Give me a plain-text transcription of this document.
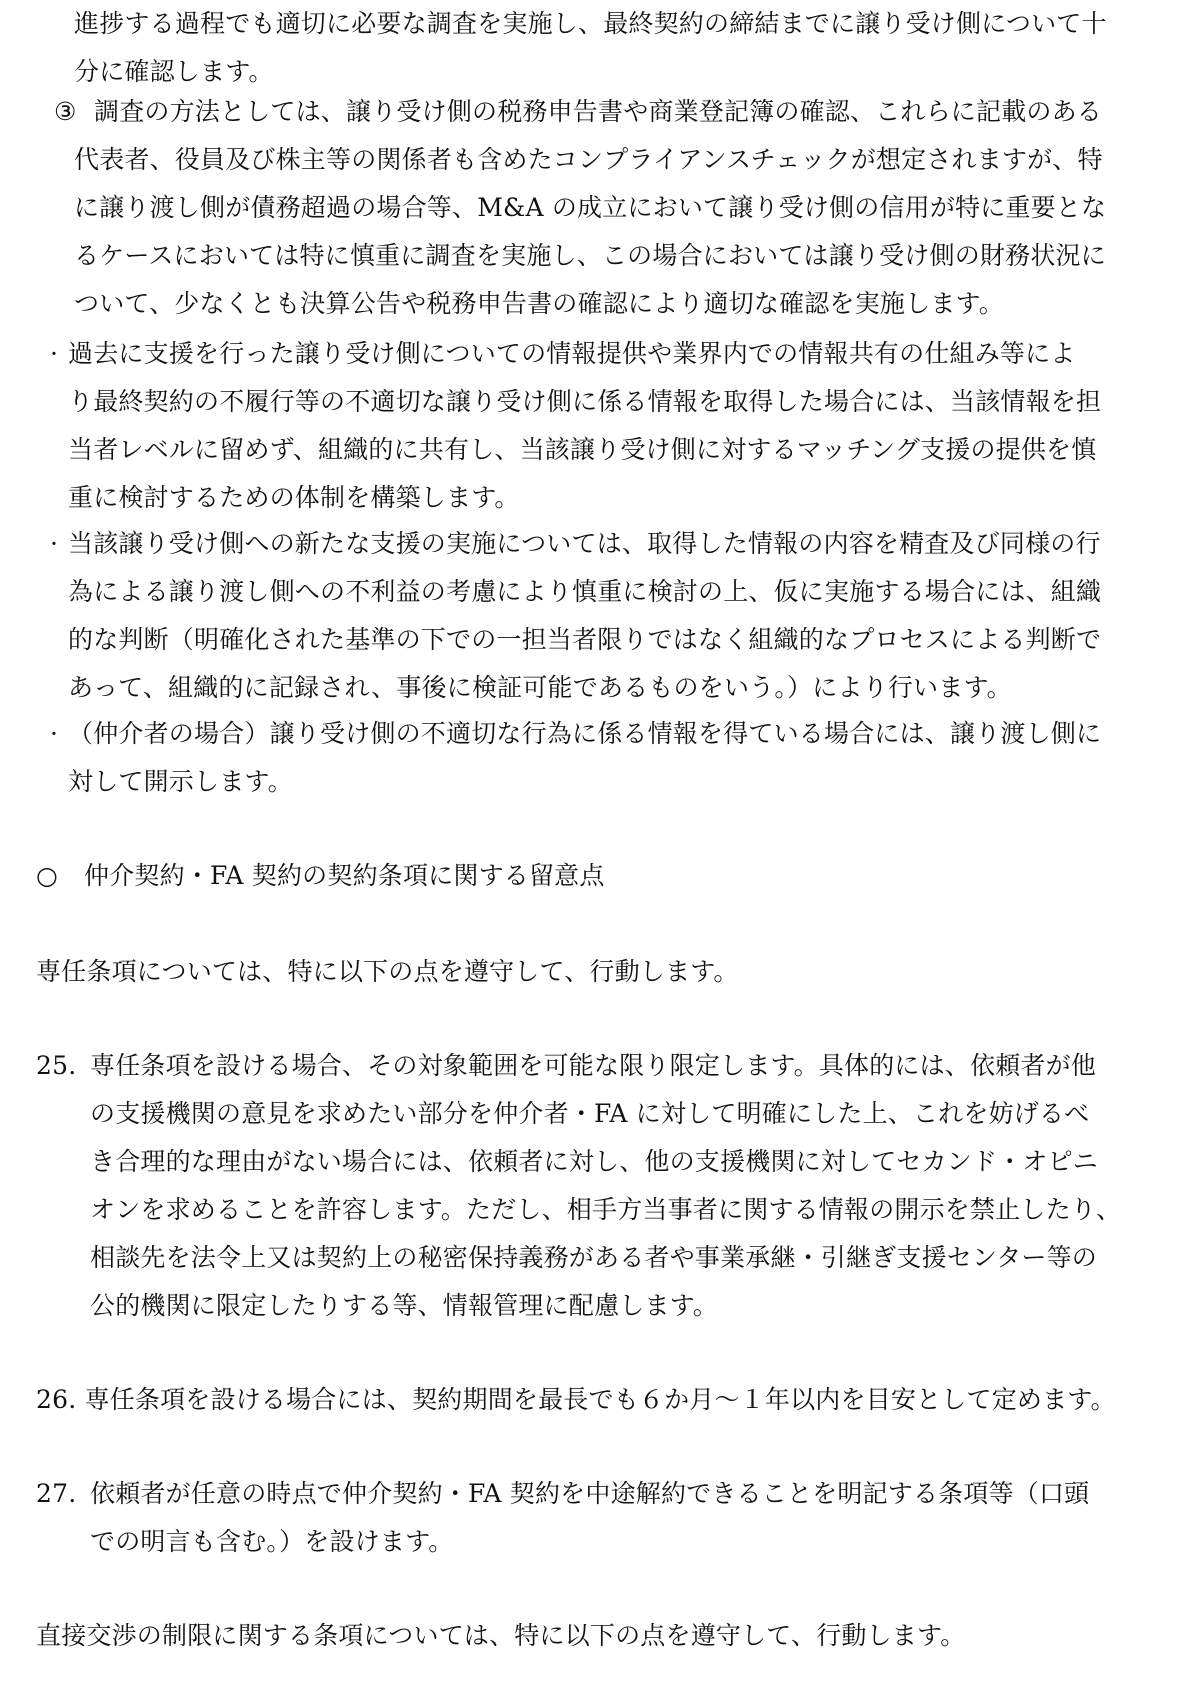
進捗する過程でも適切に必要な調査を実施し、最終契約の締結までに譲り受け側について十
分に確認します。
③ 調査の方法としては、譲り受け側の税務申告書や商業登記簿の確認、これらに記載のある
代表者、役員及び株主等の関係者も含めたコンプライアンスチェックが想定されますが、特
に譲り渡し側が債務超過の場合等、M&A の成立において譲り受け側の信用が特に重要とな
るケースにおいては特に慎重に調査を実施し、この場合においては譲り受け側の財務状況に
ついて、少なくとも決算公告や税務申告書の確認により適切な確認を実施します。
· 過去に支援を行った譲り受け側についての情報提供や業界内での情報共有の仕組み等によ
り最終契約の不履行等の不適切な譲り受け側に係る情報を取得した場合には、当該情報を担
当者レベルに留めず、組織的に共有し、当該譲り受け側に対するマッチング支援の提供を慎
重に検討するための体制を構築します。
· 当該譲り受け側への新たな支援の実施については、取得した情報の内容を精査及び同様の行
為による譲り渡し側への不利益の考慮により慎重に検討の上、仮に実施する場合には、組織
的な判断（明確化された基準の下での一担当者限りではなく組織的なプロセスによる判断で
あって、組織的に記録され、事後に検証可能であるものをいう。）により行います。
· （仲介者の場合）譲り受け側の不適切な行為に係る情報を得ている場合には、譲り渡し側に
対して開示します。
○ 仲介契約・FA 契約の契約条項に関する留意点
専任条項については、特に以下の点を遵守して、行動します。
25. 専任条項を設ける場合、その対象範囲を可能な限り限定します。具体的には、依頼者が他
の支援機関の意見を求めたい部分を仲介者・FA に対して明確にした上、これを妨げるべ
き合理的な理由がない場合には、依頼者に対し、他の支援機関に対してセカンド・オピニ
オンを求めることを許容します。ただし、相手方当事者に関する情報の開示を禁止したり、
相談先を法令上又は契約上の秘密保持義務がある者や事業承継・引継ぎ支援センター等の
公的機関に限定したりする等、情報管理に配慮します。
26. 専任条項を設ける場合には、契約期間を最長でも６か月～１年以内を目安として定めます。
27. 依頼者が任意の時点で仲介契約・FA 契約を中途解約できることを明記する条項等（口頭
での明言も含む。）を設けます。
直接交渉の制限に関する条項については、特に以下の点を遵守して、行動します。
